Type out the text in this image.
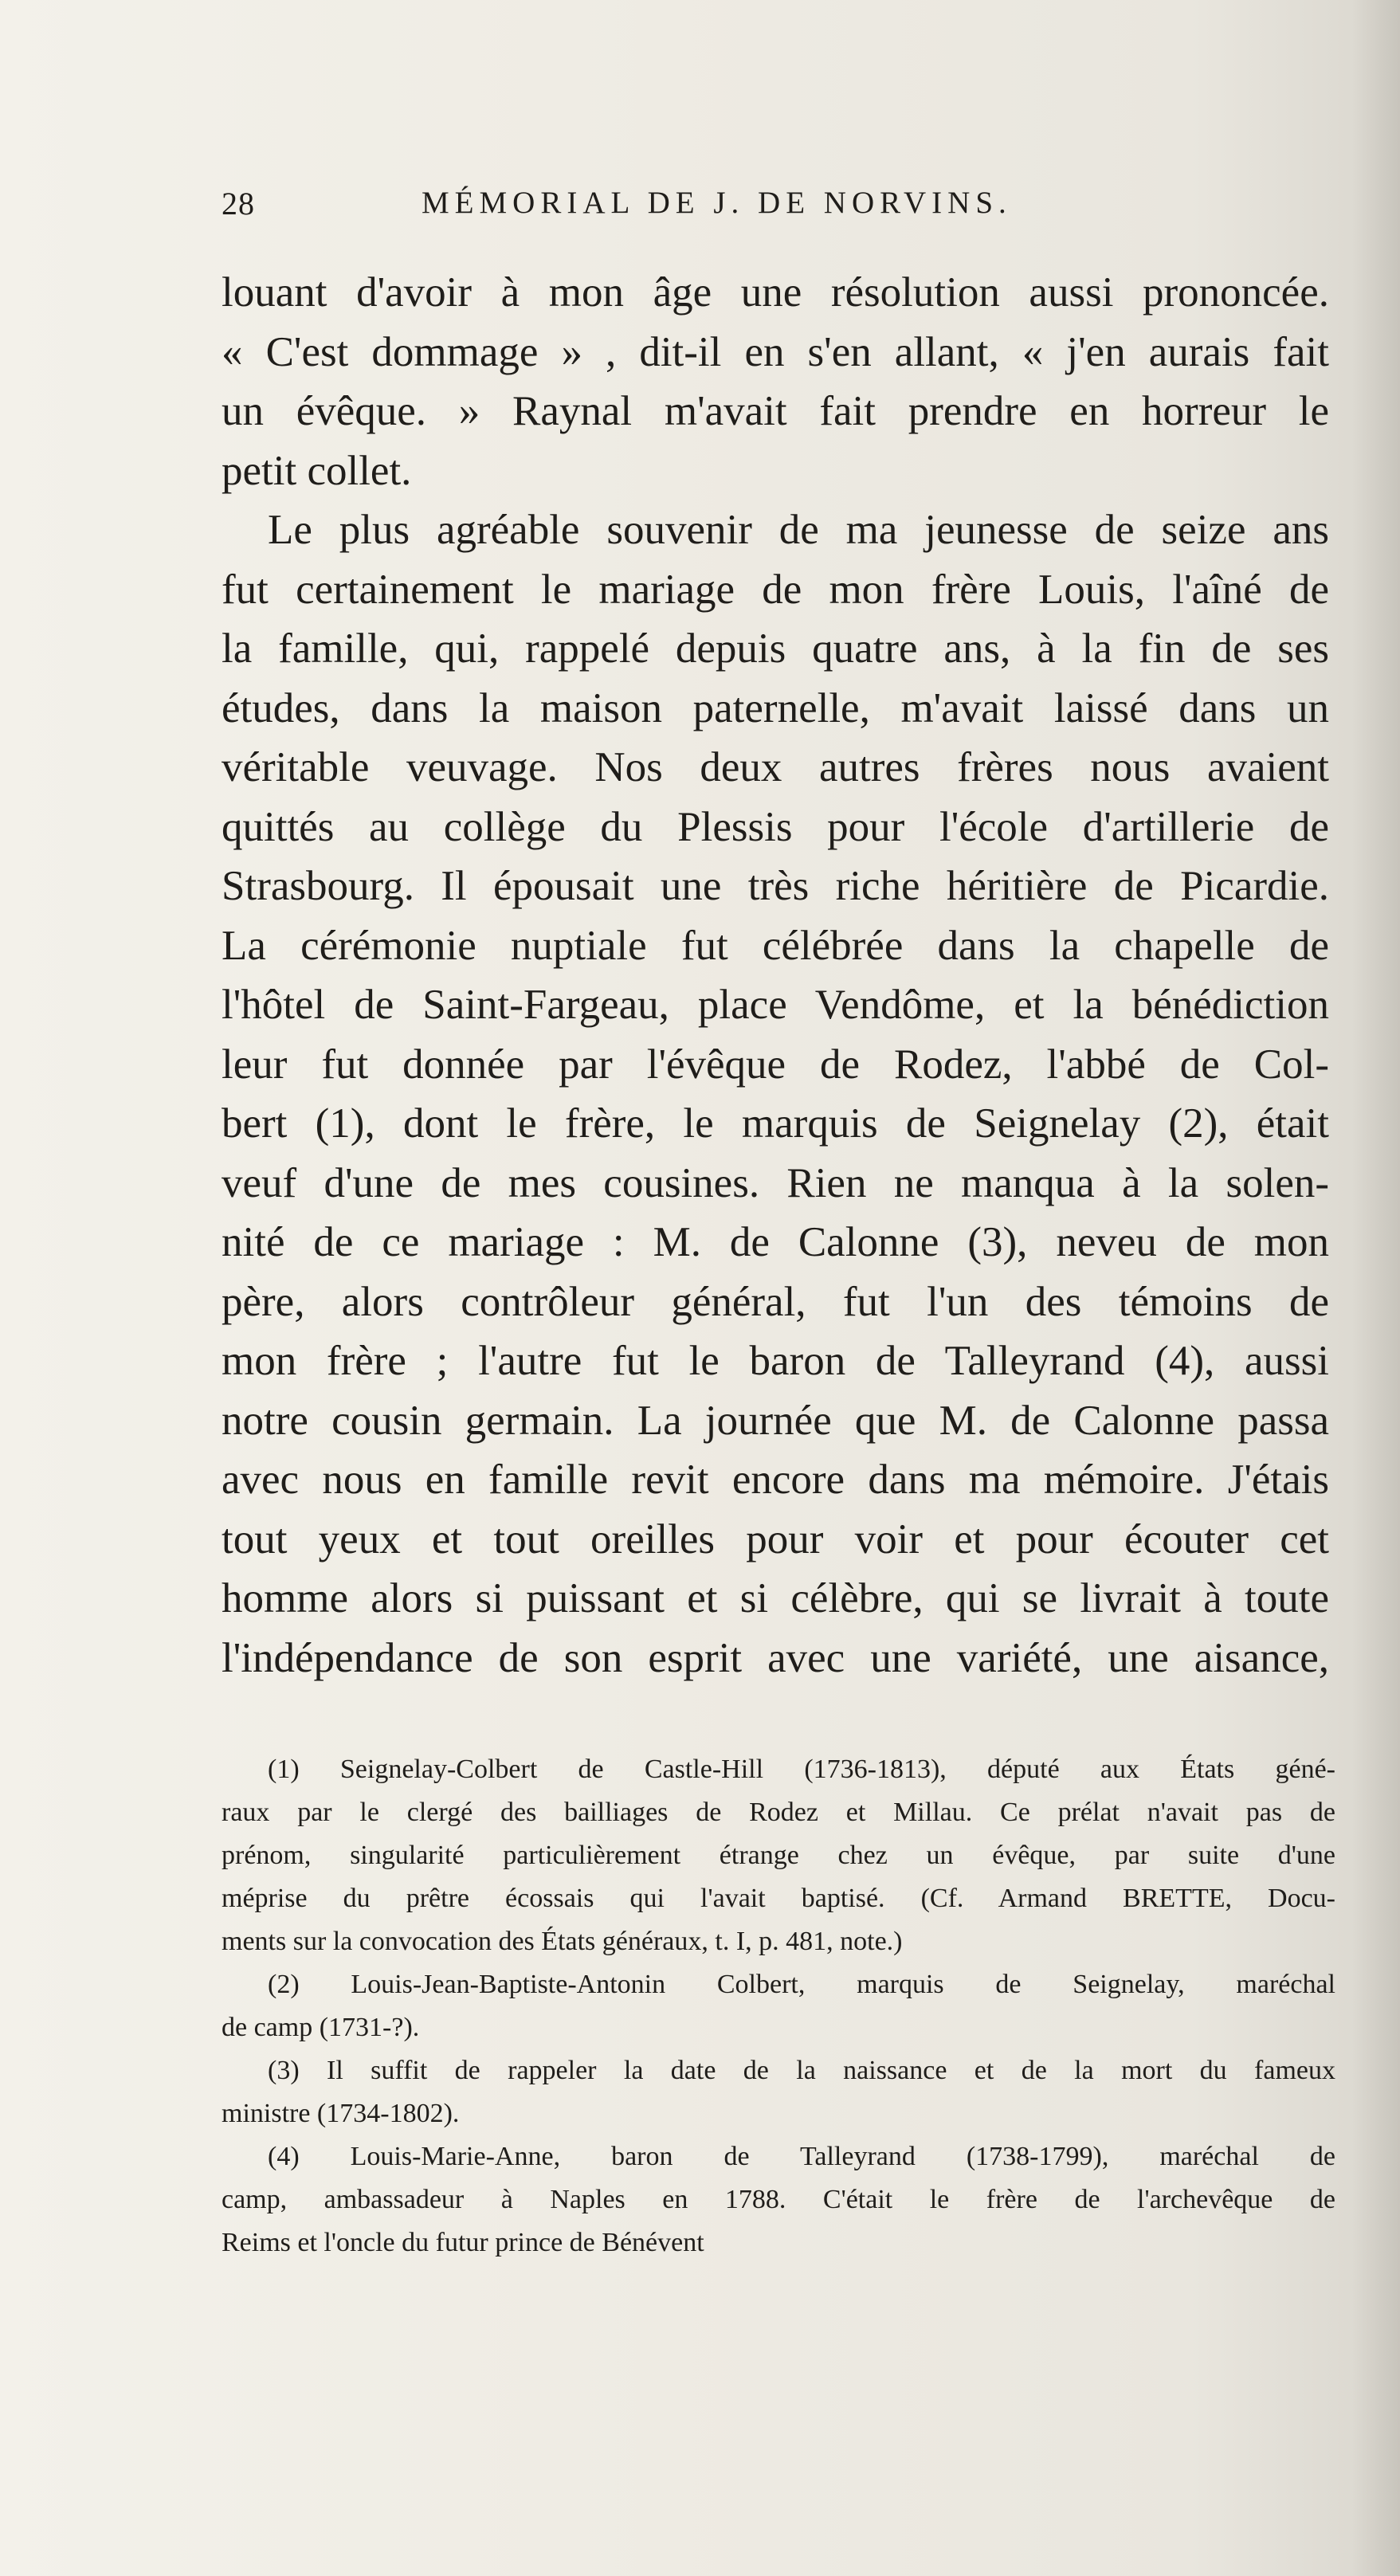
28	MÉMORIAL DE J. DE NORVINS.
louant d'avoir à mon âge une résolution aussi prononcée.
« C'est dommage » , dit-il en s'en allant, « j'en aurais fait
un évêque. » Raynal m'avait fait prendre en horreur le
petit collet.
Le plus agréable souvenir de ma jeunesse de seize ans
fut certainement le mariage de mon frère Louis, l'aîné de
la famille, qui, rappelé depuis quatre ans, à la fin de ses
études, dans la maison paternelle, m'avait laissé dans un
véritable veuvage. Nos deux autres frères nous avaient
quittés au collège du Plessis pour l'école d'artillerie de
Strasbourg. Il épousait une très riche héritière de Picardie.
La cérémonie nuptiale fut célébrée dans la chapelle de
l'hôtel de Saint-Fargeau, place Vendôme, et la bénédiction
leur fut donnée par l'évêque de Rodez, l'abbé de Col-
bert (1), dont le frère, le marquis de Seignelay (2), était
veuf d'une de mes cousines. Rien ne manqua à la solen-
nité de ce mariage : M. de Calonne (3), neveu de mon
père, alors contrôleur général, fut l'un des témoins de
mon frère ; l'autre fut le baron de Talleyrand (4), aussi
notre cousin germain. La journée que M. de Calonne passa
avec nous en famille revit encore dans ma mémoire. J'étais
tout yeux et tout oreilles pour voir et pour écouter cet
homme alors si puissant et si célèbre, qui se livrait à toute
l'indépendance de son esprit avec une variété, une aisance,
(1) Seignelay-Colbert de Castle-Hill (1736-1813), député aux États géné-
raux par le clergé des bailliages de Rodez et Millau. Ce prélat n'avait pas de
prénom, singularité particulièrement étrange chez un évêque, par suite d'une
méprise du prêtre écossais qui l'avait baptisé. (Cf. Armand BRETTE, Docu-
ments sur la convocation des États généraux, t. I, p. 481, note.)
(2) Louis-Jean-Baptiste-Antonin Colbert, marquis de Seignelay, maréchal
de camp (1731-?).
(3) Il suffit de rappeler la date de la naissance et de la mort du fameux
ministre (1734-1802).
(4) Louis-Marie-Anne, baron de Talleyrand (1738-1799), maréchal de
camp, ambassadeur à Naples en 1788. C'était le frère de l'archevêque de
Reims et l'oncle du futur prince de Bénévent
